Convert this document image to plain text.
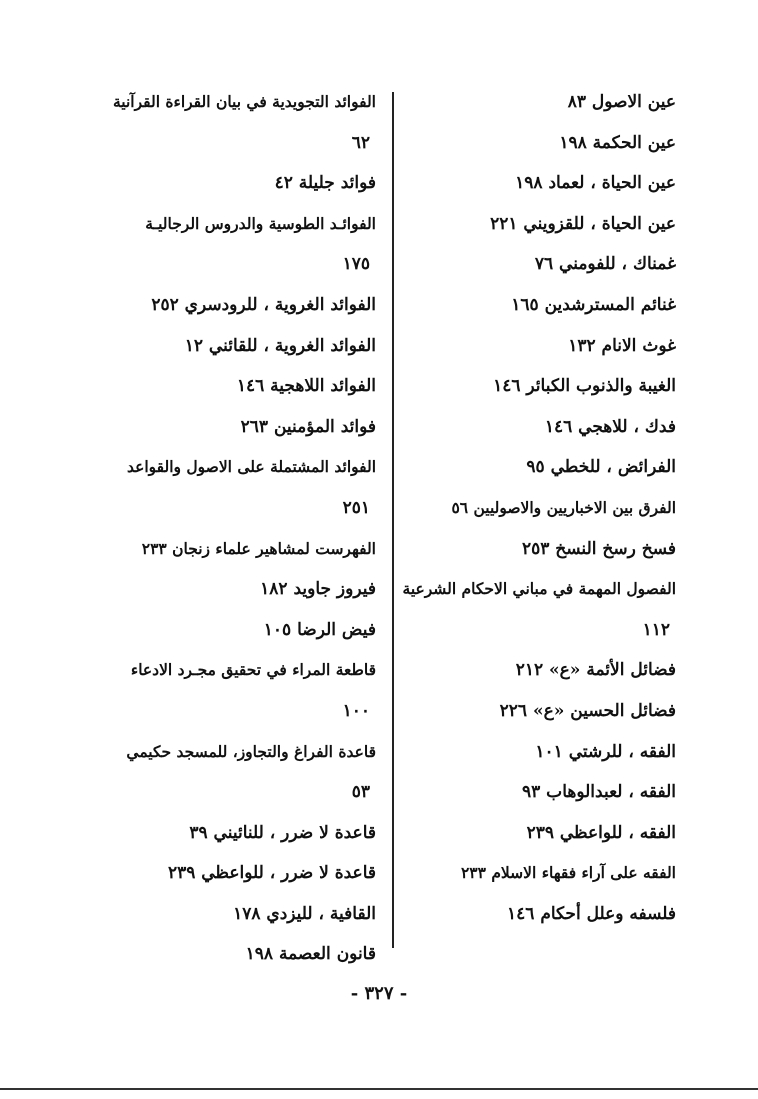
عين الاصول ٨٣
عين الحكمة ١٩٨
عين الحياة ، لعماد ١٩٨
عين الحياة ، للقزويني ٢٢١
غمناك ، للفومني ٧٦
غنائم المسترشدين ١٦٥
غوث الانام ١٣٢
الغيبة والذنوب الكبائر ١٤٦
فدك ، للاهجي ١٤٦
الفرائض ، للخطي ٩٥
الفرق بين الاخباريين والاصوليين ٥٦
فسخ رسخ النسخ ٢٥٣
الفصول المهمة في مباني الاحكام الشرعية
١١٢
فضائل الأئمة «ع» ٢١٢
فضائل الحسين «ع» ٢٢٦
الفقه ، للرشتي ١٠١
الفقه ، لعبدالوهاب ٩٣
الفقه ، للواعظي ٢٣٩
الفقه على آراء فقهاء الاسلام ٢٣٣
فلسفه وعلل أحكام ١٤٦
الفوائد التجويدية في بيان القراءة القرآنية
٦٢
فوائد جليلة ٤٢
الفوائـد الطوسية والدروس الرجاليـة
١٧٥
الفوائد الغروية ، للرودسري ٢٥٢
الفوائد الغروية ، للقائني ١٢
الفوائد اللاهجية ١٤٦
فوائد المؤمنين ٢٦٣
الفوائد المشتملة على الاصول والقواعد
٢٥١
الفهرست لمشاهير علماء زنجان ٢٣٣
فيروز جاويد ١٨٢
فيض الرضا ١٠٥
قاطعة المراء في تحقيق مجـرد الادعاء
١٠٠
قاعدة الفراغ والتجاوز، للمسجد حكيمي
٥٣
قاعدة لا ضرر ، للنائيني ٣٩
قاعدة لا ضرر ، للواعظي ٢٣٩
القافية ، لليزدي ١٧٨
قانون العصمة ١٩٨
- ٣٢٧ -
